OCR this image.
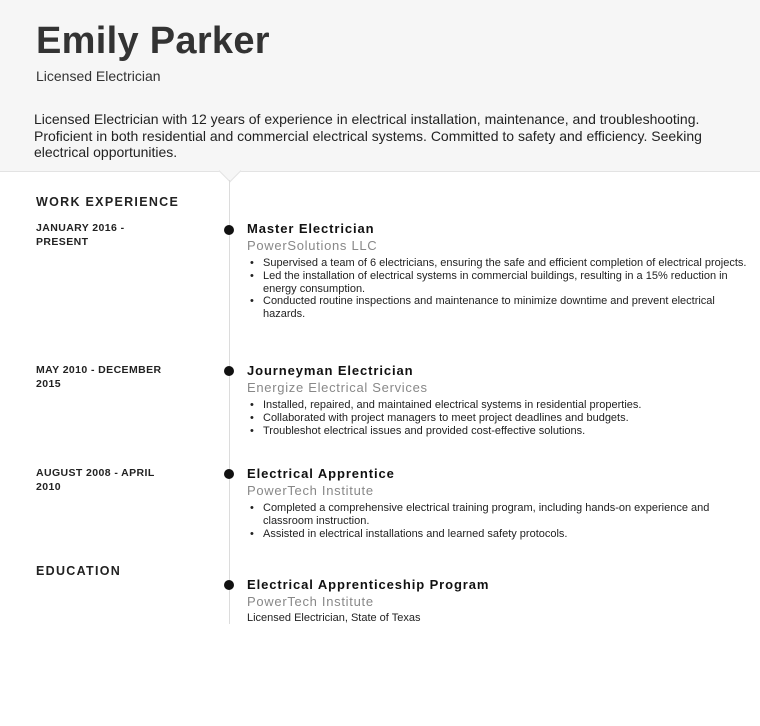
Emily Parker
Licensed Electrician
Licensed Electrician with 12 years of experience in electrical installation, maintenance, and troubleshooting. Proficient in both residential and commercial electrical systems. Committed to safety and efficiency. Seeking electrical opportunities.
WORK EXPERIENCE
JANUARY 2016 - PRESENT
Master Electrician
PowerSolutions LLC
• Supervised a team of 6 electricians, ensuring the safe and efficient completion of electrical projects.
• Led the installation of electrical systems in commercial buildings, resulting in a 15% reduction in energy consumption.
• Conducted routine inspections and maintenance to minimize downtime and prevent electrical hazards.
MAY 2010 - DECEMBER 2015
Journeyman Electrician
Energize Electrical Services
• Installed, repaired, and maintained electrical systems in residential properties.
• Collaborated with project managers to meet project deadlines and budgets.
• Troubleshot electrical issues and provided cost-effective solutions.
AUGUST 2008 - APRIL 2010
Electrical Apprentice
PowerTech Institute
• Completed a comprehensive electrical training program, including hands-on experience and classroom instruction.
• Assisted in electrical installations and learned safety protocols.
EDUCATION
Electrical Apprenticeship Program
PowerTech Institute
Licensed Electrician, State of Texas
